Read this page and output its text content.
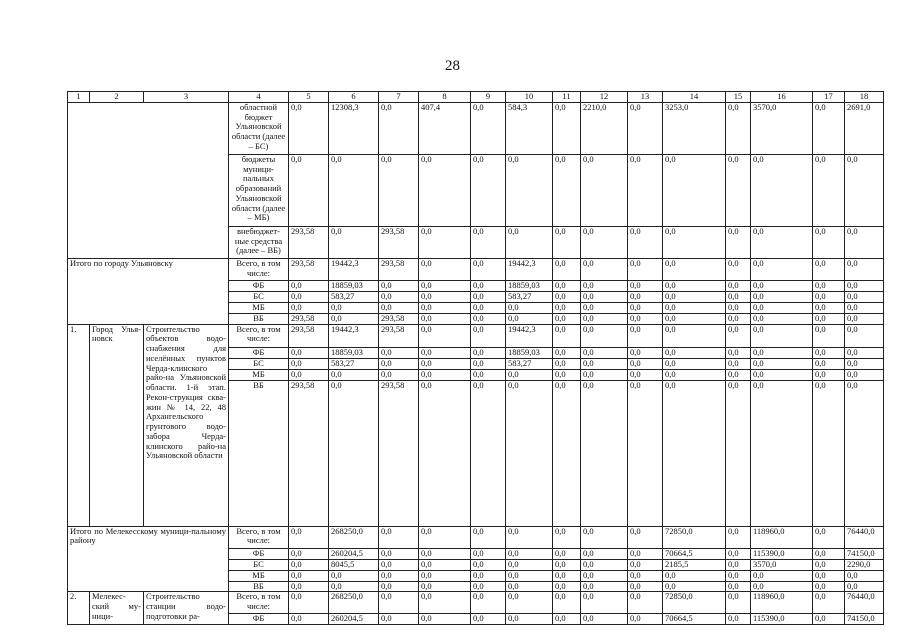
28
1	2	3	4	5	6	7	8	9	10	11	12	13	14	15	16	17	18
			областной бюджет Ульяновской области (далее – БС)	0,0	12308,3	0,0	407,4	0,0	584,3	0,0	2210,0	0,0	3253,0	0,0	3570,0	0,0	2691,0
			бюджеты муници-пальных образований Ульяновской области (далее – МБ)	0,0	0,0	0,0	0,0	0,0	0,0	0,0	0,0	0,0	0,0	0,0	0,0	0,0	0,0
			внебюджет-ные средства (далее – ВБ)	293,58	0,0	293,58	0,0	0,0	0,0	0,0	0,0	0,0	0,0	0,0	0,0	0,0	0,0
Итого по городу Ульяновску			Всего, в том числе:	293,58	19442,3	293,58	0,0	0,0	19442,3	0,0	0,0	0,0	0,0	0,0	0,0	0,0	0,0
			ФБ	0,0	18859,03	0,0	0,0	0,0	18859,03	0,0	0,0	0,0	0,0	0,0	0,0	0,0	0,0
			БС	0,0	583,27	0,0	0,0	0,0	583,27	0,0	0,0	0,0	0,0	0,0	0,0	0,0	0,0
			МБ	0,0	0,0	0,0	0,0	0,0	0,0	0,0	0,0	0,0	0,0	0,0	0,0	0,0	0,0
			ВБ	293,58	0,0	293,58	0,0	0,0	0,0	0,0	0,0	0,0	0,0	0,0	0,0	0,0	0,0
1.	Город Улья-новск	Строительство объектов водо-снабжения для иселённых пунктов Черда-клинского райо-на Ульяновской области. 1-й этап. Рекон-струкция сква-жин № 14, 22, 48 Архангельского грунтового водо-забора Черда-клинского райо-на Ульяновской области	Всего, в том числе:	293,58	19442,3	293,58	0,0	0,0	19442,3	0,0	0,0	0,0	0,0	0,0	0,0	0,0	0,0
			ФБ	0,0	18859,03	0,0	0,0	0,0	18859,03	0,0	0,0	0,0	0,0	0,0	0,0	0,0	0,0
			БС	0,0	583,27	0,0	0,0	0,0	583,27	0,0	0,0	0,0	0,0	0,0	0,0	0,0	0,0
			МБ	0,0	0,0	0,0	0,0	0,0	0,0	0,0	0,0	0,0	0,0	0,0	0,0	0,0	0,0
			ВБ	293,58	0,0	293,58	0,0	0,0	0,0	0,0	0,0	0,0	0,0	0,0	0,0	0,0	0,0
Итого по Мелекесскому муници-пальному району			Всего, в том числе:	0,0	268250,0	0,0	0,0	0,0	0,0	0,0	0,0	0,0	72850,0	0,0	118960,0	0,0	76440,0
			ФБ	0,0	260204,5	0,0	0,0	0,0	0,0	0,0	0,0	0,0	70664,5	0,0	115390,0	0,0	74150,0
			БС	0,0	8045,5	0,0	0,0	0,0	0,0	0,0	0,0	0,0	2185,5	0,0	3570,0	0,0	2290,0
			МБ	0,0	0,0	0,0	0,0	0,0	0,0	0,0	0,0	0,0	0,0	0,0	0,0	0,0	0,0
			ВБ	0,0	0,0	0,0	0,0	0,0	0,0	0,0	0,0	0,0	0,0	0,0	0,0	0,0	0,0
2.	Мелекес-ский му-ници-	Строительство станции водо-подготовки ра-	Всего, в том числе:	0,0	268250,0	0,0	0,0	0,0	0,0	0,0	0,0	0,0	72850,0	0,0	118960,0	0,0	76440,0
			ФБ	0,0	260204,5	0,0	0,0	0,0	0,0	0,0	0,0	0,0	70664,5	0,0	115390,0	0,0	74150,0
